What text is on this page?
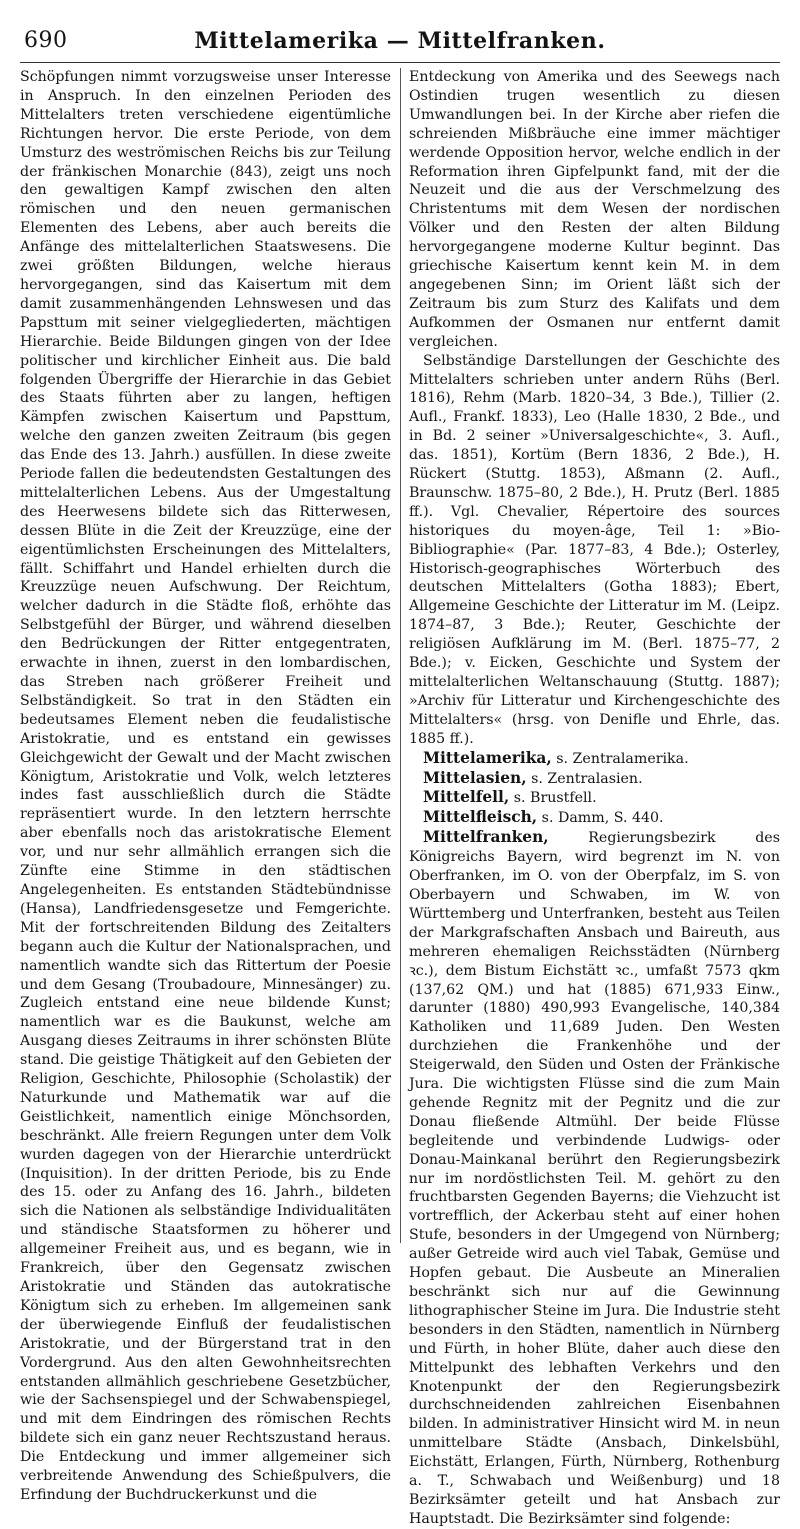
690	Mittelamerika — Mittelfranken.

Schöpfungen nimmt vorzugsweise unser Interesse in Anspruch. In den einzelnen Perioden des Mittelalters treten verschiedene eigentümliche Richtungen hervor. Die erste Periode, von dem Umsturz des weströmischen Reichs bis zur Teilung der fränkischen Monarchie (843), zeigt uns noch den gewaltigen Kampf zwischen den alten römischen und den neuen germanischen Elementen des Lebens, aber auch bereits die Anfänge des mittelalterlichen Staatswesens. Die zwei größten Bildungen, welche hieraus hervorgegangen, sind das Kaisertum mit dem damit zusammenhängenden Lehnswesen und das Papsttum mit seiner vielgegliederten, mächtigen Hierarchie. Beide Bildungen gingen von der Idee politischer und kirchlicher Einheit aus. Die bald folgenden Übergriffe der Hierarchie in das Gebiet des Staats führten aber zu langen, heftigen Kämpfen zwischen Kaisertum und Papsttum, welche den ganzen zweiten Zeitraum (bis gegen das Ende des 13. Jahrh.) ausfüllen. In diese zweite Periode fallen die bedeutendsten Gestaltungen des mittelalterlichen Lebens. Aus der Umgestaltung des Heerwesens bildete sich das Ritterwesen, dessen Blüte in die Zeit der Kreuzzüge, eine der eigentümlichsten Erscheinungen des Mittelalters, fällt. Schiffahrt und Handel erhielten durch die Kreuzzüge neuen Aufschwung. Der Reichtum, welcher dadurch in die Städte floß, erhöhte das Selbstgefühl der Bürger, und während dieselben den Bedrückungen der Ritter entgegentraten, erwachte in ihnen, zuerst in den lombardischen, das Streben nach größerer Freiheit und Selbständigkeit. So trat in den Städten ein bedeutsames Element neben die feudalistische Aristokratie, und es entstand ein gewisses Gleichgewicht der Gewalt und der Macht zwischen Königtum, Aristokratie und Volk, welch letzteres indes fast ausschließlich durch die Städte repräsentiert wurde. In den letztern herrschte aber ebenfalls noch das aristokratische Element vor, und nur sehr allmählich errangen sich die Zünfte eine Stimme in den städtischen Angelegenheiten. Es entstanden Städtebündnisse (Hansa), Landfriedensgesetze und Femgerichte. Mit der fortschreitenden Bildung des Zeitalters begann auch die Kultur der Nationalsprachen, und namentlich wandte sich das Rittertum der Poesie und dem Gesang (Troubadoure, Minnesänger) zu. Zugleich entstand eine neue bildende Kunst; namentlich war es die Baukunst, welche am Ausgang dieses Zeitraums in ihrer schönsten Blüte stand. Die geistige Thätigkeit auf den Gebieten der Religion, Geschichte, Philosophie (Scholastik) der Naturkunde und Mathematik war auf die Geistlichkeit, namentlich einige Mönchsorden, beschränkt. Alle freiern Regungen unter dem Volk wurden dagegen von der Hierarchie unterdrückt (Inquisition). In der dritten Periode, bis zu Ende des 15. oder zu Anfang des 16. Jahrh., bildeten sich die Nationen als selbständige Individualitäten und ständische Staatsformen zu höherer und allgemeiner Freiheit aus, und es begann, wie in Frankreich, über den Gegensatz zwischen Aristokratie und Ständen das autokratische Königtum sich zu erheben. Im allgemeinen sank der überwiegende Einfluß der feudalistischen Aristokratie, und der Bürgerstand trat in den Vordergrund. Aus den alten Gewohnheitsrechten entstanden allmählich geschriebene Gesetzbücher, wie der Sachsenspiegel und der Schwabenspiegel, und mit dem Eindringen des römischen Rechts bildete sich ein ganz neuer Rechtszustand heraus. Die Entdeckung und immer allgemeiner sich verbreitende Anwendung des Schießpulvers, die Erfindung der Buchdruckerkunst und die

Entdeckung von Amerika und des Seewegs nach Ostindien trugen wesentlich zu diesen Umwandlungen bei. In der Kirche aber riefen die schreienden Mißbräuche eine immer mächtiger werdende Opposition hervor, welche endlich in der Reformation ihren Gipfelpunkt fand, mit der die Neuzeit und die aus der Verschmelzung des Christentums mit dem Wesen der nordischen Völker und den Resten der alten Bildung hervorgegangene moderne Kultur beginnt. Das griechische Kaisertum kennt kein M. in dem angegebenen Sinn; im Orient läßt sich der Zeitraum bis zum Sturz des Kalifats und dem Aufkommen der Osmanen nur entfernt damit vergleichen.

Selbständige Darstellungen der Geschichte des Mittelalters schrieben unter andern Rühs (Berl. 1816), Rehm (Marb. 1820–34, 3 Bde.), Tillier (2. Aufl., Frankf. 1833), Leo (Halle 1830, 2 Bde., und in Bd. 2 seiner »Universalgeschichte«, 3. Aufl., das. 1851), Kortüm (Bern 1836, 2 Bde.), H. Rückert (Stuttg. 1853), Aßmann (2. Aufl., Braunschw. 1875–80, 2 Bde.), H. Prutz (Berl. 1885 ff.). Vgl. Chevalier, Répertoire des sources historiques du moyen-âge, Teil 1: »Bio-Bibliographie« (Par. 1877–83, 4 Bde.); Osterley, Historisch-geographisches Wörterbuch des deutschen Mittelalters (Gotha 1883); Ebert, Allgemeine Geschichte der Litteratur im M. (Leipz. 1874–87, 3 Bde.); Reuter, Geschichte der religiösen Aufklärung im M. (Berl. 1875–77, 2 Bde.); v. Eicken, Geschichte und System der mittelalterlichen Weltanschauung (Stuttg. 1887); »Archiv für Litteratur und Kirchengeschichte des Mittelalters« (hrsg. von Denifle und Ehrle, das. 1885 ff.).

Mittelamerika, s. Zentralamerika.

Mittelasien, s. Zentralasien.

Mittelfell, s. Brustfell.

Mittelfleisch, s. Damm, S. 440.

Mittelfranken, Regierungsbezirk des Königreichs Bayern, wird begrenzt im N. von Oberfranken, im O. von der Oberpfalz, im S. von Oberbayern und Schwaben, im W. von Württemberg und Unterfranken, besteht aus Teilen der Markgrafschaften Ansbach und Baireuth, aus mehreren ehemaligen Reichsstädten (Nürnberg ꝛc.), dem Bistum Eichstätt ꝛc., umfaßt 7573 qkm (137,62 QM.) und hat (1885) 671,933 Einw., darunter (1880) 490,993 Evangelische, 140,384 Katholiken und 11,689 Juden. Den Westen durchziehen die Frankenhöhe und der Steigerwald, den Süden und Osten der Fränkische Jura. Die wichtigsten Flüsse sind die zum Main gehende Regnitz mit der Pegnitz und die zur Donau fließende Altmühl. Der beide Flüsse begleitende und verbindende Ludwigs- oder Donau-Mainkanal berührt den Regierungsbezirk nur im nordöstlichsten Teil. M. gehört zu den fruchtbarsten Gegenden Bayerns; die Viehzucht ist vortrefflich, der Ackerbau steht auf einer hohen Stufe, besonders in der Umgegend von Nürnberg; außer Getreide wird auch viel Tabak, Gemüse und Hopfen gebaut. Die Ausbeute an Mineralien beschränkt sich nur auf die Gewinnung lithographischer Steine im Jura. Die Industrie steht besonders in den Städten, namentlich in Nürnberg und Fürth, in hoher Blüte, daher auch diese den Mittelpunkt des lebhaften Verkehrs und den Knotenpunkt der den Regierungsbezirk durchschneidenden zahlreichen Eisenbahnen bilden. In administrativer Hinsicht wird M. in neun unmittelbare Städte (Ansbach, Dinkelsbühl, Eichstätt, Erlangen, Fürth, Nürnberg, Rothenburg a. T., Schwabach und Weißenburg) und 18 Bezirksämter geteilt und hat Ansbach zur Hauptstadt. Die Bezirksämter sind folgende:
